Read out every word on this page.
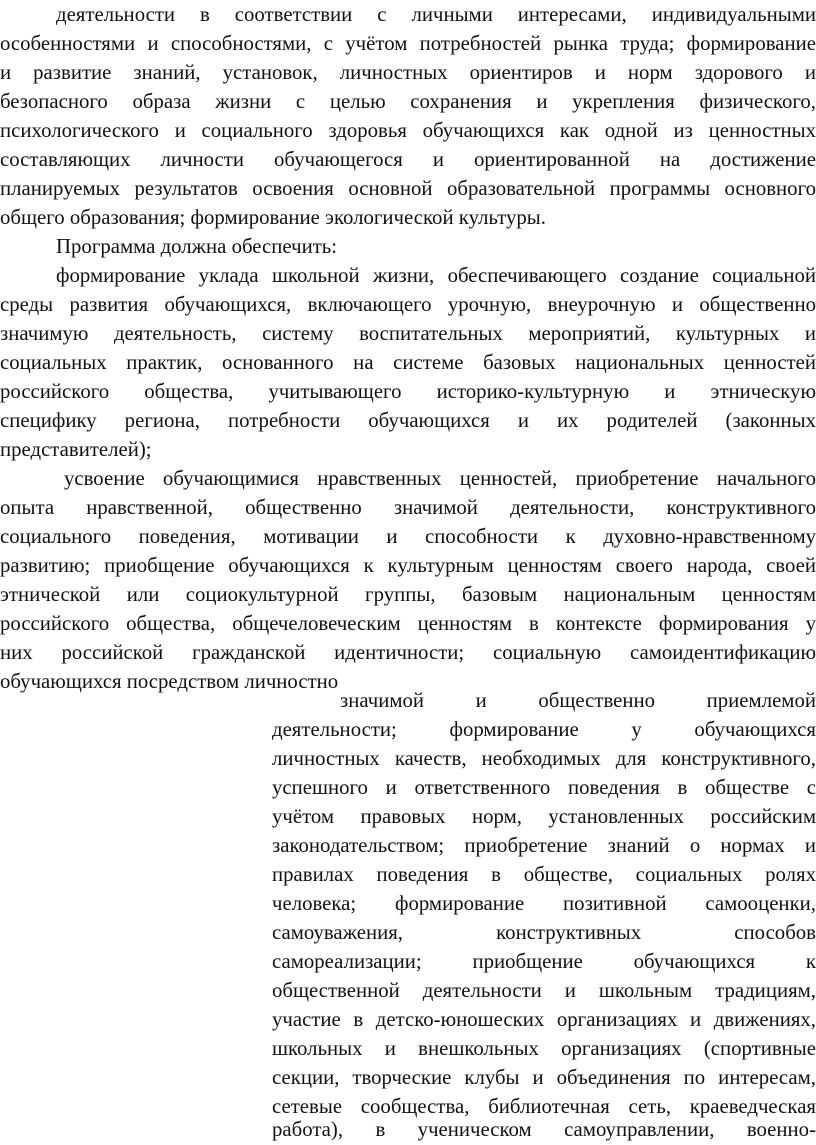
деятельности в соответствии с личными интересами, индивидуальными

особенностями и способностями, с учётом потребностей рынка труда; формирование

и развитие знаний, установок, личностных ориентиров и норм здорового и

безопасного образа жизни с целью сохранения и укрепления физического,

психологического и социального здоровья обучающихся как одной из ценностных

составляющих личности обучающегося и ориентированной на достижение

планируемых результатов освоения основной образовательной программы основного

общего образования; формирование экологической культуры.

Программа должна обеспечить:

формирование уклада школьной жизни, обеспечивающего создание социальной

среды развития обучающихся, включающего урочную, внеурочную и общественно

значимую деятельность, систему воспитательных мероприятий, культурных и

социальных практик, основанного на системе базовых национальных ценностей

российского общества, учитывающего историко-культурную и этническую

специфику региона, потребности обучающихся и их родителей (законных

представителей);

усвоение обучающимися нравственных ценностей, приобретение начального

опыта нравственной, общественно значимой деятельности, конструктивного

социального поведения, мотивации и способности к духовно-нравственному

развитию; приобщение обучающихся к культурным ценностям своего народа, своей

этнической или социокультурной группы, базовым национальным ценностям

российского общества, общечеловеческим ценностям в контексте формирования у

них российской гражданской идентичности; социальную самоидентификацию

обучающихся посредством личностно

значимой и общественно приемлемой

деятельности; формирование у обучающихся

личностных качеств, необходимых для конструктивного,

успешного и ответственного поведения в обществе с

учётом правовых норм, установленных российским

законодательством; приобретение знаний о нормах и

правилах поведения в обществе, социальных ролях

человека; формирование позитивной самооценки,

самоуважения, конструктивных способов

самореализации; приобщение обучающихся к

общественной деятельности и школьным традициям,

участие в детско-юношеских организациях и движениях,

школьных и внешкольных организациях (спортивные

секции, творческие клубы и объединения по интересам,

сетевые сообщества, библиотечная сеть, краеведческая

работа), в ученическом самоуправлении, военно-
